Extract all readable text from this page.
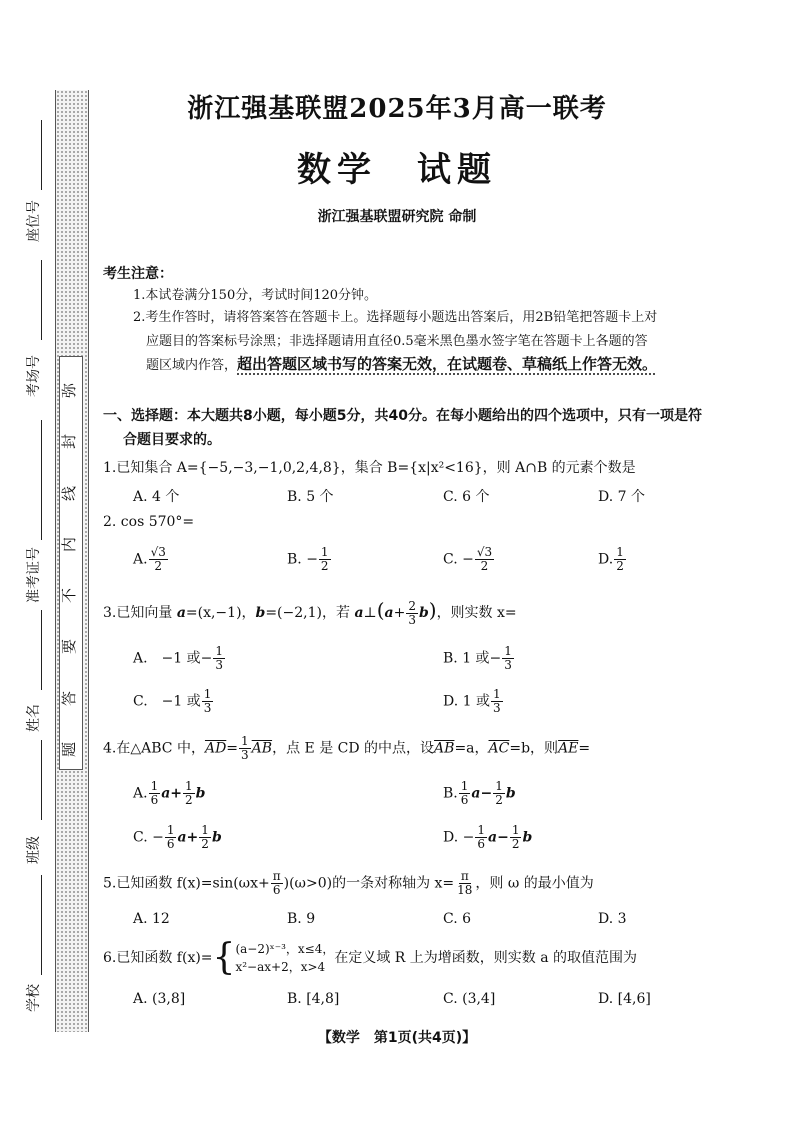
弥
封
线
内
不
要
答
题
座位号
考场号
准考证号
姓名
班级
学校
浙江强基联盟2025年3月高一联考
数学　试题
浙江强基联盟研究院 命制
考生注意：
1.本试卷满分150分，考试时间120分钟。
2.考生作答时，请将答案答在答题卡上。选择题每小题选出答案后，用2B铅笔把答题卡上对
应题目的答案标号涂黑；非选择题请用直径0.5毫米黑色墨水签字笔在答题卡上各题的答
题区域内作答，超出答题区域书写的答案无效，在试题卷、草稿纸上作答无效。
一、选择题：本大题共8小题，每小题5分，共40分。在每小题给出的四个选项中，只有一项是符
合题目要求的。
1.已知集合 A={−5,−3,−1,0,2,4,8}，集合 B={x|x²<16}，则 A∩B 的元素个数是
A. 4 个	B. 5 个	C. 6 个	D. 7 个
2. cos 570°=
A. $\frac{√3}{2}$	B. − $\frac{1}{2}$	C. − $\frac{√3}{2}$	D. $\frac{1}{2}$
3.已知向量 a=(x,−1)，b=(−2,1)，若 a⊥(a+ $\frac{2}{3} b$)，则实数 x=
A.　−1 或− $\frac{1}{3}$	B. 1 或− $\frac{1}{3}$
C.　−1 或 $\frac{1}{3}$	D. 1 或 $\frac{1}{3}$
4.在△ABC 中，$\overline{AD}= \frac{1}{3} \overline{AB}$，点 E 是 CD 的中点，设$\overline{AB}=a$，$\overline{AC}=b$，则$\overline{AE}=$
A. $\frac{1}{6} a+ \frac{1}{2}$ b	B. $\frac{1}{6} a- \frac{1}{2}$ b
C. − $\frac{1}{6} a+ \frac{1}{2}$ b	D. − $\frac{1}{6} a- \frac{1}{2}$ b
5.已知函数 $f(x)=\sin(\omega x+ \frac{\pi}{6} )(\omega>0)$的一条对称轴为 $x= \frac{\pi}{18}$ ，则 ω 的最小值为
A. 12	B. 9	C. 6	D. 3
6.已知函数 f(x)= { (a−2)ˣ⁻³，x≤4，
x²−ax+2，x>4
在定义域 R 上为增函数，则实数 a 的取值范围为
A. (3,8]	B. [4,8]	C. (3,4]	D. [4,6]
【数学　第1页(共4页)】
